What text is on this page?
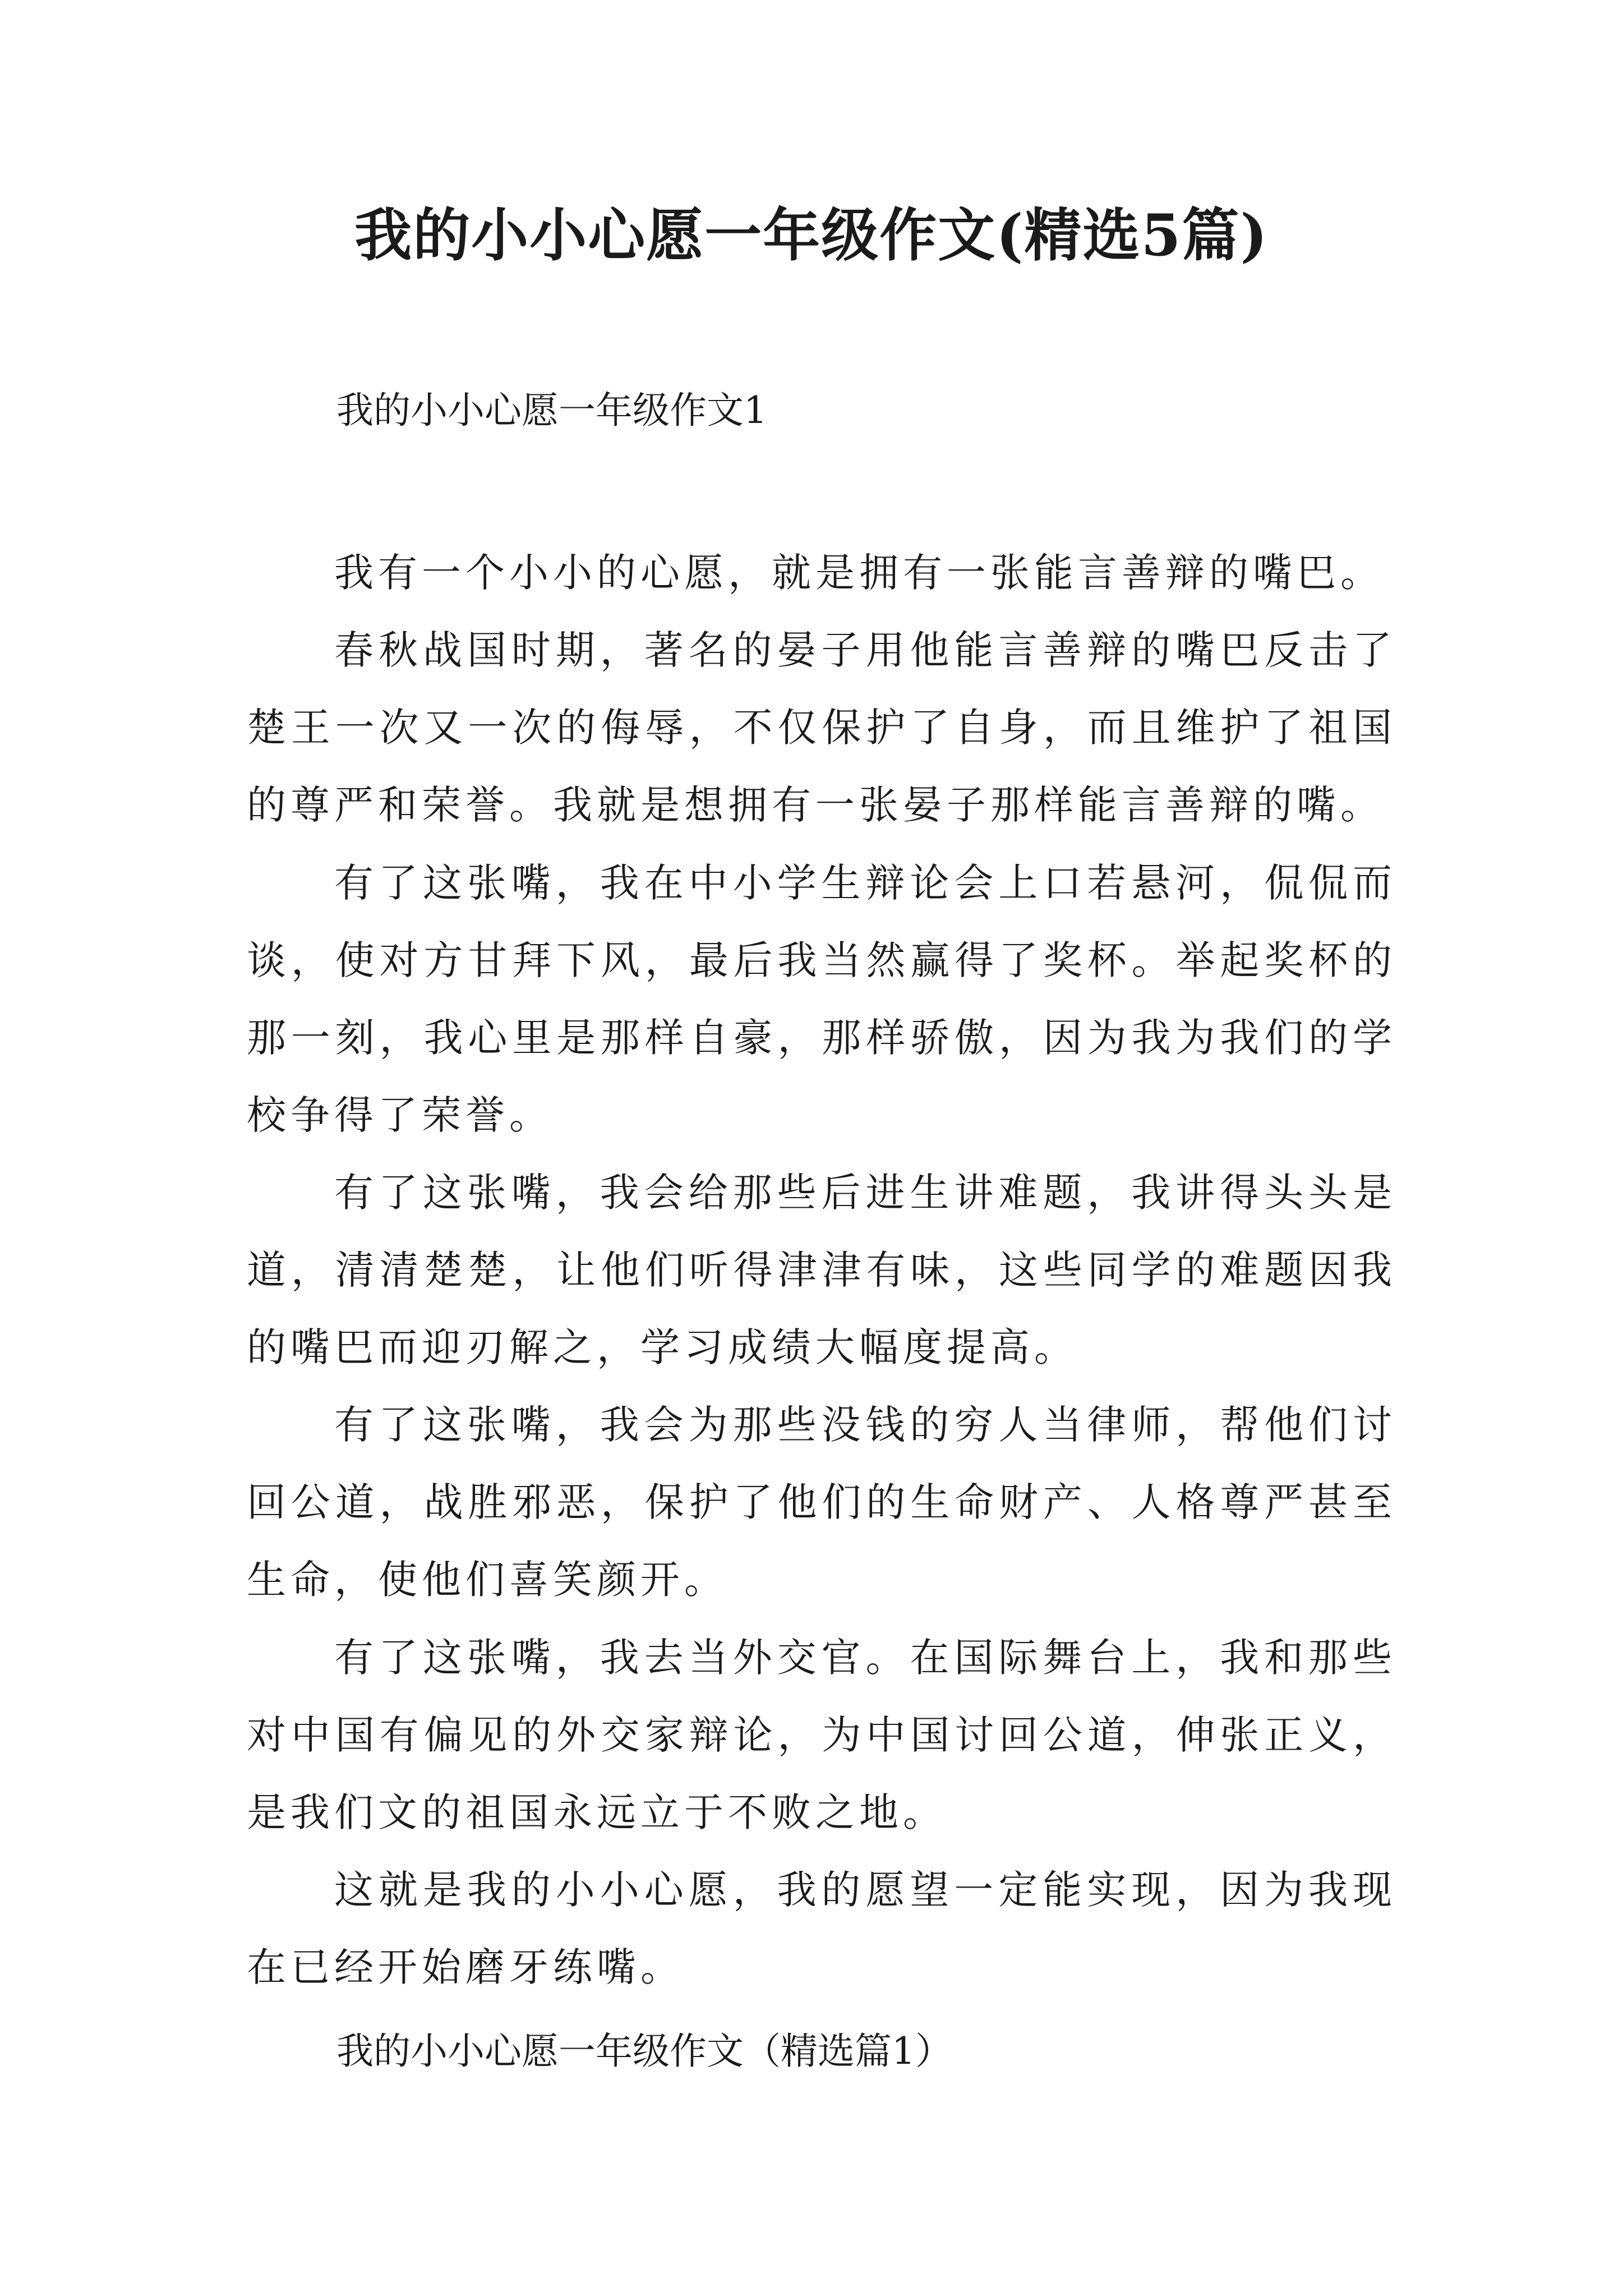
我的小小心愿一年级作文(精选5篇)

我的小小心愿一年级作文1

我有一个小小的心愿，就是拥有一张能言善辩的嘴巴。

春秋战国时期，著名的晏子用他能言善辩的嘴巴反击了楚王一次又一次的侮辱，不仅保护了自身，而且维护了祖国的尊严和荣誉。我就是想拥有一张晏子那样能言善辩的嘴。

有了这张嘴，我在中小学生辩论会上口若悬河，侃侃而谈，使对方甘拜下风，最后我当然赢得了奖杯。举起奖杯的那一刻，我心里是那样自豪，那样骄傲，因为我为我们的学校争得了荣誉。

有了这张嘴，我会给那些后进生讲难题，我讲得头头是道，清清楚楚，让他们听得津津有味，这些同学的难题因我的嘴巴而迎刃解之，学习成绩大幅度提高。

有了这张嘴，我会为那些没钱的穷人当律师，帮他们讨回公道，战胜邪恶，保护了他们的生命财产、人格尊严甚至生命，使他们喜笑颜开。

有了这张嘴，我去当外交官。在国际舞台上，我和那些对中国有偏见的外交家辩论，为中国讨回公道，伸张正义，是我们文的祖国永远立于不败之地。

这就是我的小小心愿，我的愿望一定能实现，因为我现在已经开始磨牙练嘴。

我的小小心愿一年级作文（精选篇1）
